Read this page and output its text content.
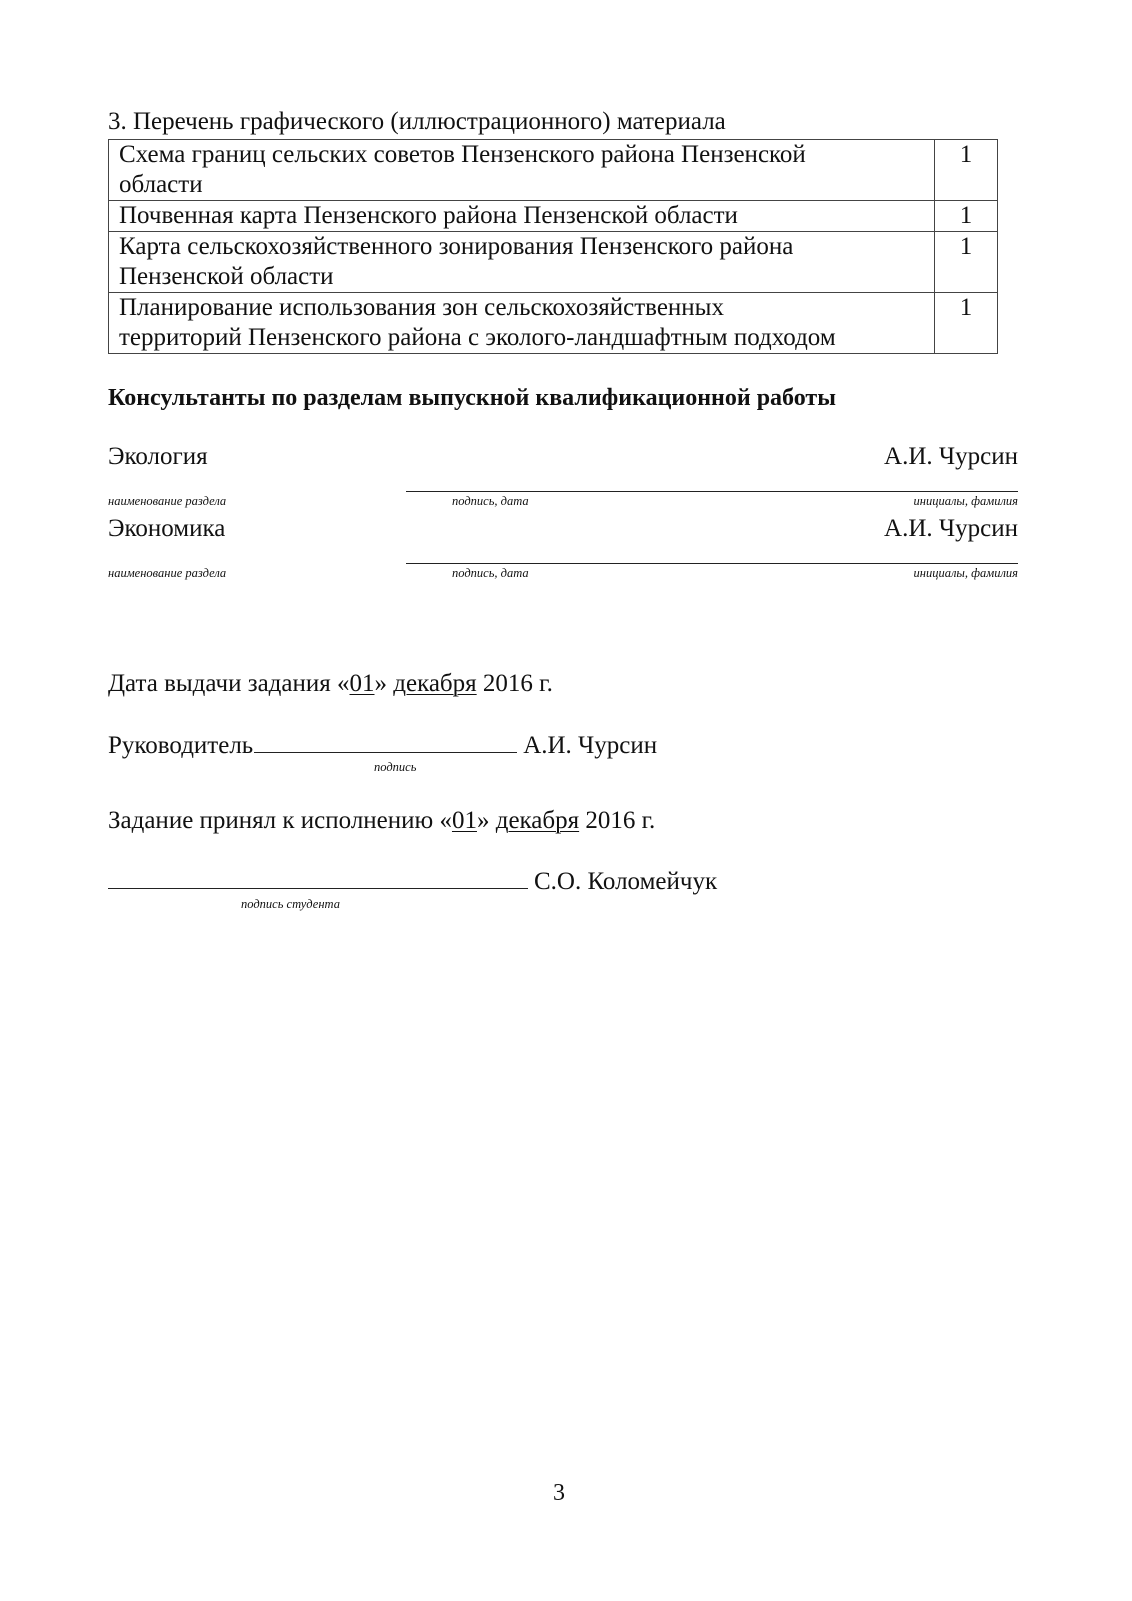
3. Перечень графического (иллюстрационного) материала
Схема границ сельских советов Пензенского района Пензенской
области	1

Почвенная карта Пензенского района Пензенской области	1

Карта сельскохозяйственного зонирования Пензенского района
Пензенской области	1

Планирование использования зон сельскохозяйственных
территорий Пензенского района с эколого-ландшафтным подходом	1
Консультанты по разделам выпускной квалификационной работы
Экология	А.И. Чурсин
наименование раздела	подпись, дата	инициалы, фамилия
Экономика	А.И. Чурсин
наименование раздела	подпись, дата	инициалы, фамилия
Дата выдачи задания «01» декабря 2016 г.
Руководитель	А.И. Чурсин
подпись
Задание принял к исполнению «01» декабря 2016 г.
С.О. Коломейчук
подпись студента
3
